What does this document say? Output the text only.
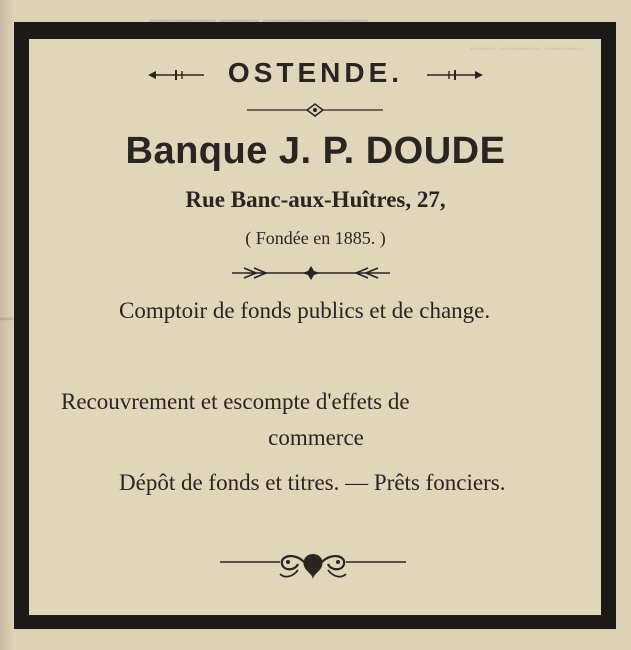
▁▁▁▁▁ ▁▁▁ ▁▁▁▁▁▁▁▁
OSTENDE.
Banque J. P. DOUDE
Rue Banc-aux-Huîtres, 27,
( Fondée en 1885. )
Comptoir de fonds publics et de change.
Recouvrement et escompte d'effets de
commerce
Dépôt de fonds et titres. — Prêts fonciers.
